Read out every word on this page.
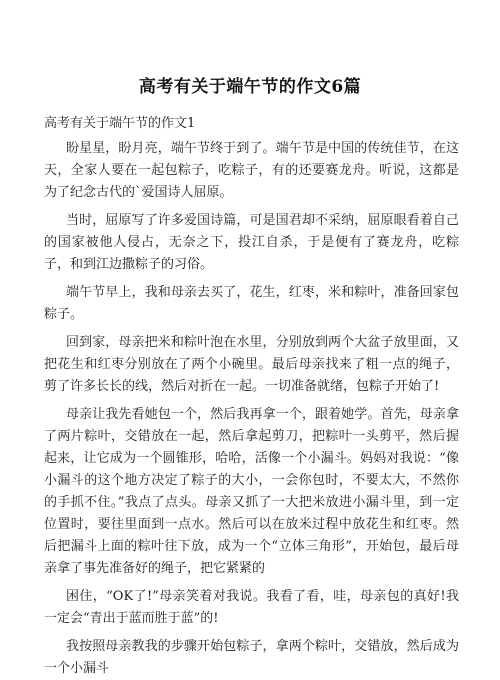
高考有关于端午节的作文6篇
高考有关于端午节的作文1

盼星星，盼月亮，端午节终于到了。端午节是中国的传统佳节，在这天，全家人要在一起包粽子，吃粽子，有的还要赛龙舟。听说，这都是为了纪念古代的`爱国诗人屈原。

当时，屈原写了许多爱国诗篇，可是国君却不采纳，屈原眼看着自己的国家被他人侵占，无奈之下，投江自杀，于是便有了赛龙舟，吃粽子，和到江边撒粽子的习俗。

端午节早上，我和母亲去买了，花生，红枣，米和粽叶，准备回家包粽子。

回到家，母亲把米和粽叶泡在水里，分别放到两个大盆子放里面，又把花生和红枣分别放在了两个小碗里。最后母亲找来了粗一点的绳子，剪了许多长长的线，然后对折在一起。一切准备就绪，包粽子开始了!

母亲让我先看她包一个，然后我再拿一个，跟着她学。首先，母亲拿了两片粽叶，交错放在一起，然后拿起剪刀，把粽叶一头剪平，然后握起来，让它成为一个圆锥形，哈哈，活像一个小漏斗。妈妈对我说：“像小漏斗的这个地方决定了粽子的大小，一会你包时，不要太大，不然你的手抓不住。”我点了点头。母亲又抓了一大把米放进小漏斗里，到一定位置时，要往里面到一点水。然后可以在放米过程中放花生和红枣。然后把漏斗上面的粽叶往下放，成为一个“立体三角形”，开始包，最后母亲拿了事先准备好的绳子，把它紧紧的

困住，“OK了!”母亲笑着对我说。我看了看，哇，母亲包的真好!我一定会“青出于蓝而胜于蓝”的!

我按照母亲教我的步骤开始包粽子，拿两个粽叶，交错放，然后成为一个小漏斗
